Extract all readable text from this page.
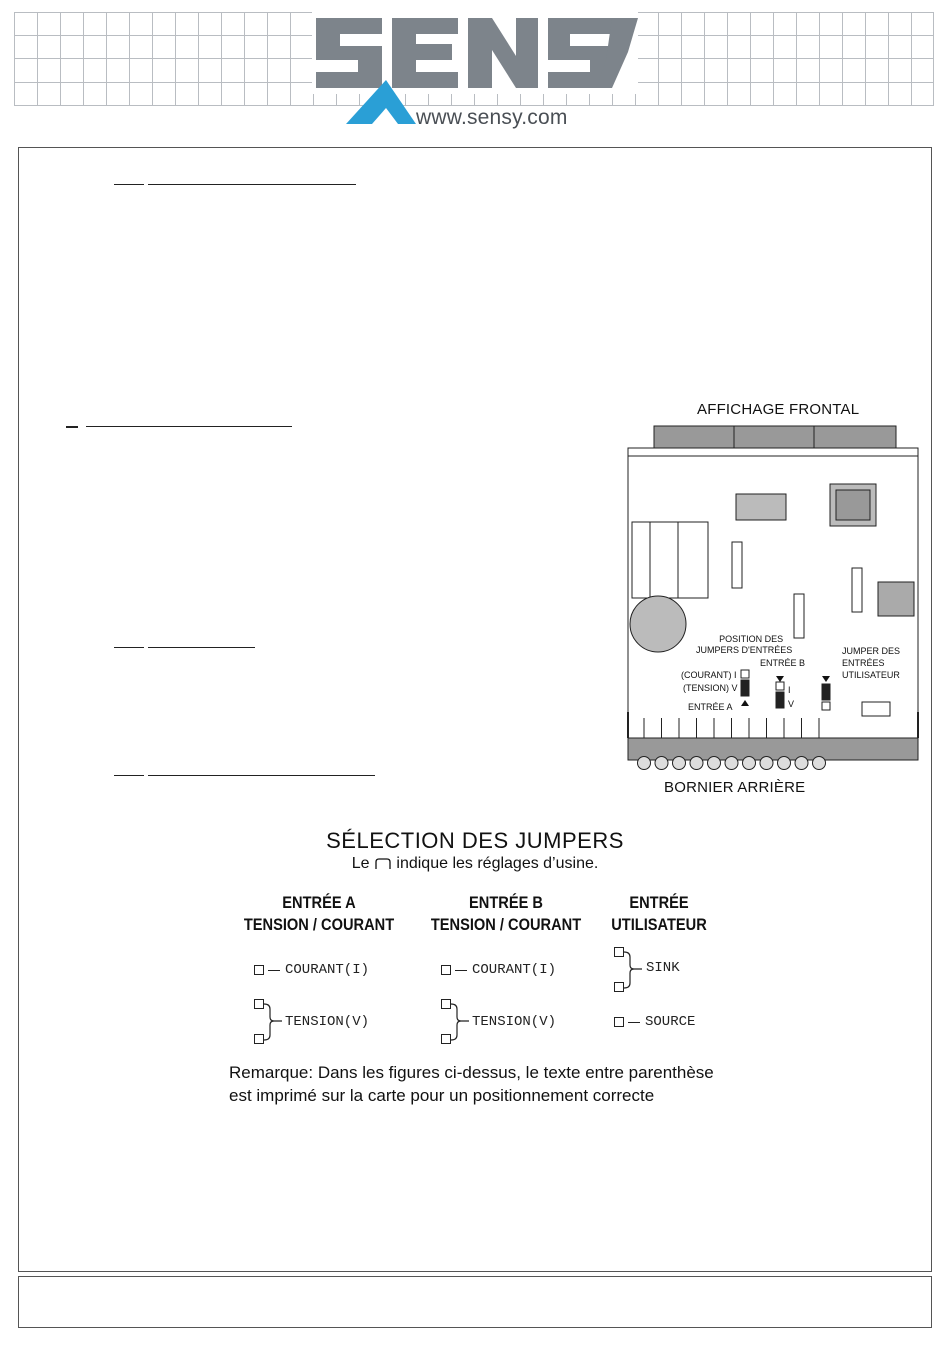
www.sensy.com
AFFICHAGE FRONTAL
BORNIER ARRIÈRE
POSITION DES
JUMPERS D'ENTRÉES
ENTRÉE B
(COURANT) I
(TENSION) V
ENTRÉE A
I
V
JUMPER DES
ENTRÉES
UTILISATEUR
SÉLECTION DES JUMPERS
Le indique les réglages d’usine.
ENTRÉE A
TENSION / COURANT
COURANT(I)
TENSION(V)
ENTRÉE B
TENSION / COURANT
COURANT(I)
TENSION(V)
ENTRÉE
UTILISATEUR
SINK
SOURCE
Remarque: Dans les figures ci-dessus, le texte entre parenthèse
est imprimé sur la carte pour un positionnement correcte
